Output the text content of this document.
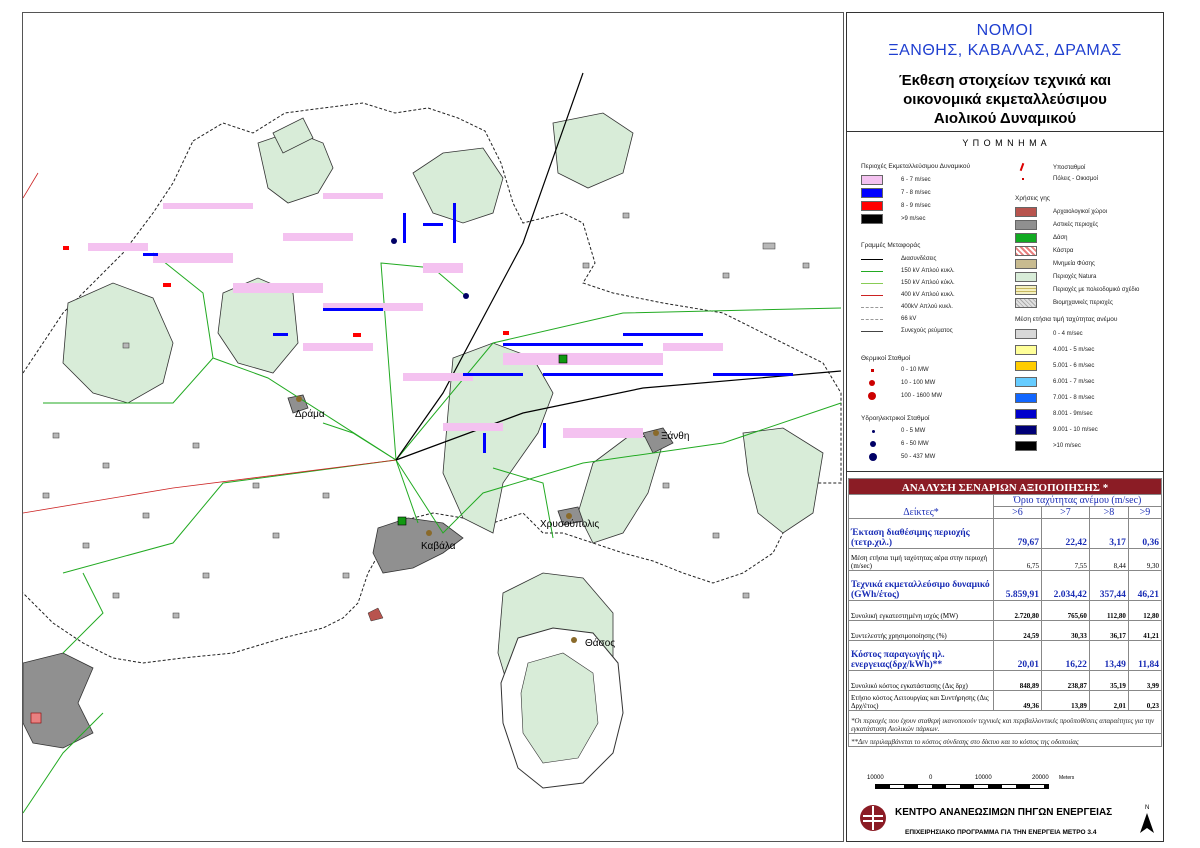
Δράμα
Ξάνθη
Χρυσούπολις
Καβάλα
Θάσος
ΝΟΜΟΙ
ΞΑΝΘΗΣ, ΚΑΒΑΛΑΣ, ΔΡΑΜΑΣ
Έκθεση στοιχείων τεχνικά και
οικονομικά εκμεταλλεύσιμου
Αιολικού Δυναμικού
Υ Π Ο Μ Ν Η Μ Α
Περιοχές Εκμεταλλεύσιμου Δυναμικού
6 - 7 m/sec
7 - 8 m/sec
8 - 9 m/sec
>9 m/sec
Γραμμές Μεταφοράς
Διασυνδέσεις
150 kV Απλού κυκλ.
150 kV Απλού κύκλ.
400 kV Απλού κυκλ.
400kV Απλού κυκλ.
66 kV
Συνεχούς ρεύματος
Θερμικοί Σταθμοί
0 - 10 MW
10 - 100 MW
100 - 1600 MW
Υδροηλεκτρικοί Σταθμοί
0 - 5 MW
6 - 50 MW
50 - 437 MW
Υποσταθμοί
Πόλεις - Οικισμοί
Χρήσεις γης
Αρχαιολογικοί χώροι
Αστικές περιοχές
Δάση
Κάστρα
Μνημεία Φύσης
Περιοχές Natura
Περιοχές με πολεοδομικό σχέδιο
Βιομηχανικές περιοχές
Μέση ετήσια τιμή ταχύτητας ανέμου
0 - 4 m/sec
4.001 - 5 m/sec
5.001 - 6 m/sec
6.001 - 7 m/sec
7.001 - 8 m/sec
8.001 - 9m/sec
9.001 - 10 m/sec
>10 m/sec
ΑΝΑΛΥΣΗ ΣΕΝΑΡΙΩΝ ΑΞΙΟΠΟΙΗΣΗΣ *				
Δείκτες*	Όριο ταχύτητας ανέμου (m/sec)			
	>6	>7	>8	>9
Έκταση διαθέσιμης περιοχής (τετρ.χιλ.)	79,67	22,42	3,17	0,36
Μέση ετήσια τιμή ταχύτητας αέρα στην περιοχή (m/sec)	6,75	7,55	8,44	9,30
Τεχνικά εκμεταλλεύσιμο δυναμικό (GWh/έτος)	5.859,91	2.034,42	357,44	46,21
Συνολική εγκατεστημένη ισχύς (MW)	2.720,80	765,60	112,80	12,80
Συντελεστής χρησιμοποίησης (%)	24,59	30,33	36,17	41,21
Κόστος παραγωγής ηλ. ενεργειας(δρχ/kWh)**	20,01	16,22	13,49	11,84
Συνολικό κόστος εγκατάστασης (Δις δρχ)	848,89	238,87	35,19	3,99
Ετήσιο κόστος Λειτουργίας και Συντήρησης (Δις Δρχ/έτος)	49,36	13,89	2,01	0,23
*Οι περιοχές που έχουν σταθερή ικανοποιούν τεχνικές και περιβαλλοντικές προϋποθέσεις απαραίτητες για την εγκατάσταση Αιολικών πάρκων.				
**Δεν περιλαμβάνεται το κόστος σύνδεσης στο δίκτυο και το κόστος της οδοποιίας				
10000	0	10000	20000 Meters
ΚΕΝΤΡΟ ΑΝΑΝΕΩΣΙΜΩΝ ΠΗΓΩΝ ΕΝΕΡΓΕΙΑΣ
ΕΠΙΧΕΙΡΗΣΙΑΚΟ ΠΡΟΓΡΑΜΜΑ ΓΙΑ ΤΗΝ ΕΝΕΡΓΕΙΑ ΜΕΤΡΟ 3.4
N
